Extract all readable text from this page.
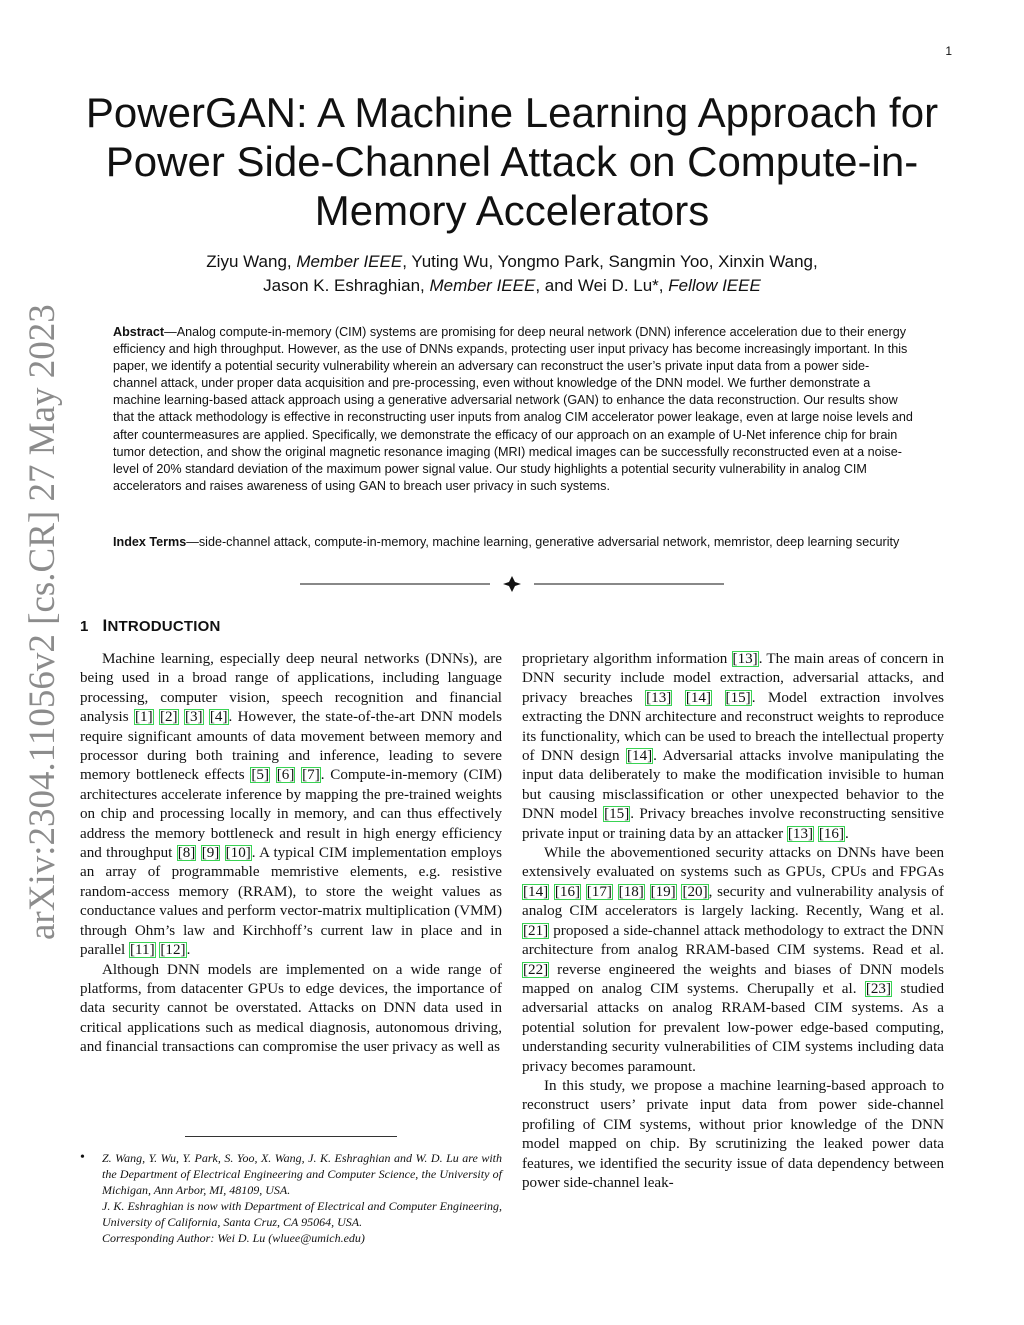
1
arXiv:2304.11056v2 [cs.CR] 27 May 2023
PowerGAN: A Machine Learning Approach for Power Side-Channel Attack on Compute-in-Memory Accelerators
Ziyu Wang, Member IEEE, Yuting Wu, Yongmo Park, Sangmin Yoo, Xinxin Wang,
Jason K. Eshraghian, Member IEEE, and Wei D. Lu*, Fellow IEEE

Abstract—Analog compute-in-memory (CIM) systems are promising for deep neural network (DNN) inference acceleration due to their energy efficiency and high throughput. However, as the use of DNNs expands, protecting user input privacy has become increasingly important. In this paper, we identify a potential security vulnerability wherein an adversary can reconstruct the user’s private input data from a power side-channel attack, under proper data acquisition and pre-processing, even without knowledge of the DNN model. We further demonstrate a machine learning-based attack approach using a generative adversarial network (GAN) to enhance the data reconstruction. Our results show that the attack methodology is effective in reconstructing user inputs from analog CIM accelerator power leakage, even at large noise levels and after countermeasures are applied. Specifically, we demonstrate the efficacy of our approach on an example of U-Net inference chip for brain tumor detection, and show the original magnetic resonance imaging (MRI) medical images can be successfully reconstructed even at a noise-level of 20% standard deviation of the maximum power signal value. Our study highlights a potential security vulnerability in analog CIM accelerators and raises awareness of using GAN to breach user privacy in such systems.

Index Terms—side-channel attack, compute-in-memory, machine learning, generative adversarial network, memristor, deep learning security

1 INTRODUCTION

Machine learning, especially deep neural networks (DNNs), are being used in a broad range of applications, including language processing, computer vision, speech recognition and financial analysis [1] [2] [3] [4]. However, the state-of-the-art DNN models require significant amounts of data movement between memory and processor during both training and inference, leading to severe memory bottleneck effects [5] [6] [7]. Compute-in-memory (CIM) architectures accelerate inference by mapping the pre-trained weights on chip and processing locally in memory, and can thus effectively address the memory bottleneck and result in high energy efficiency and throughput [8] [9] [10]. A typical CIM implementation employs an array of programmable memristive elements, e.g. resistive random-access memory (RRAM), to store the weight values as conductance values and perform vector-matrix multiplication (VMM) through Ohm’s law and Kirchhoff’s current law in place and in parallel [11] [12].

Although DNN models are implemented on a wide range of platforms, from datacenter GPUs to edge devices, the importance of data security cannot be overstated. Attacks on DNN data used in critical applications such as medical diagnosis, autonomous driving, and financial transactions can compromise the user privacy as well as

proprietary algorithm information [13]. The main areas of concern in DNN security include model extraction, adversarial attacks, and privacy breaches [13] [14] [15]. Model extraction involves extracting the DNN architecture and reconstruct weights to reproduce its functionality, which can be used to breach the intellectual property of DNN design [14]. Adversarial attacks involve manipulating the input data deliberately to make the modification invisible to human but causing misclassification or other unexpected behavior to the DNN model [15]. Privacy breaches involve reconstructing sensitive private input or training data by an attacker [13] [16].

While the abovementioned security attacks on DNNs have been extensively evaluated on systems such as GPUs, CPUs and FPGAs [14] [16] [17] [18] [19] [20], security and vulnerability analysis of analog CIM accelerators is largely lacking. Recently, Wang et al. [21] proposed a side-channel attack methodology to extract the DNN architecture from analog RRAM-based CIM systems. Read et al. [22] reverse engineered the weights and biases of DNN models mapped on analog CIM systems. Cherupally et al. [23] studied adversarial attacks on analog RRAM-based CIM systems. As a potential solution for prevalent low-power edge-based computing, understanding security vulnerabilities of CIM systems including data privacy becomes paramount.

In this study, we propose a machine learning-based approach to reconstruct users’ private input data from power side-channel profiling of CIM systems, without prior knowledge of the DNN model mapped on chip. By scrutinizing the leaked power data features, we identified the security issue of data dependency between power side-channel leak-

• Z. Wang, Y. Wu, Y. Park, S. Yoo, X. Wang, J. K. Eshraghian and W. D. Lu are with the Department of Electrical Engineering and Computer Science, the University of Michigan, Ann Arbor, MI, 48109, USA.
J. K. Eshraghian is now with Department of Electrical and Computer Engineering, University of California, Santa Cruz, CA 95064, USA.
Corresponding Author: Wei D. Lu (wluee@umich.edu)
